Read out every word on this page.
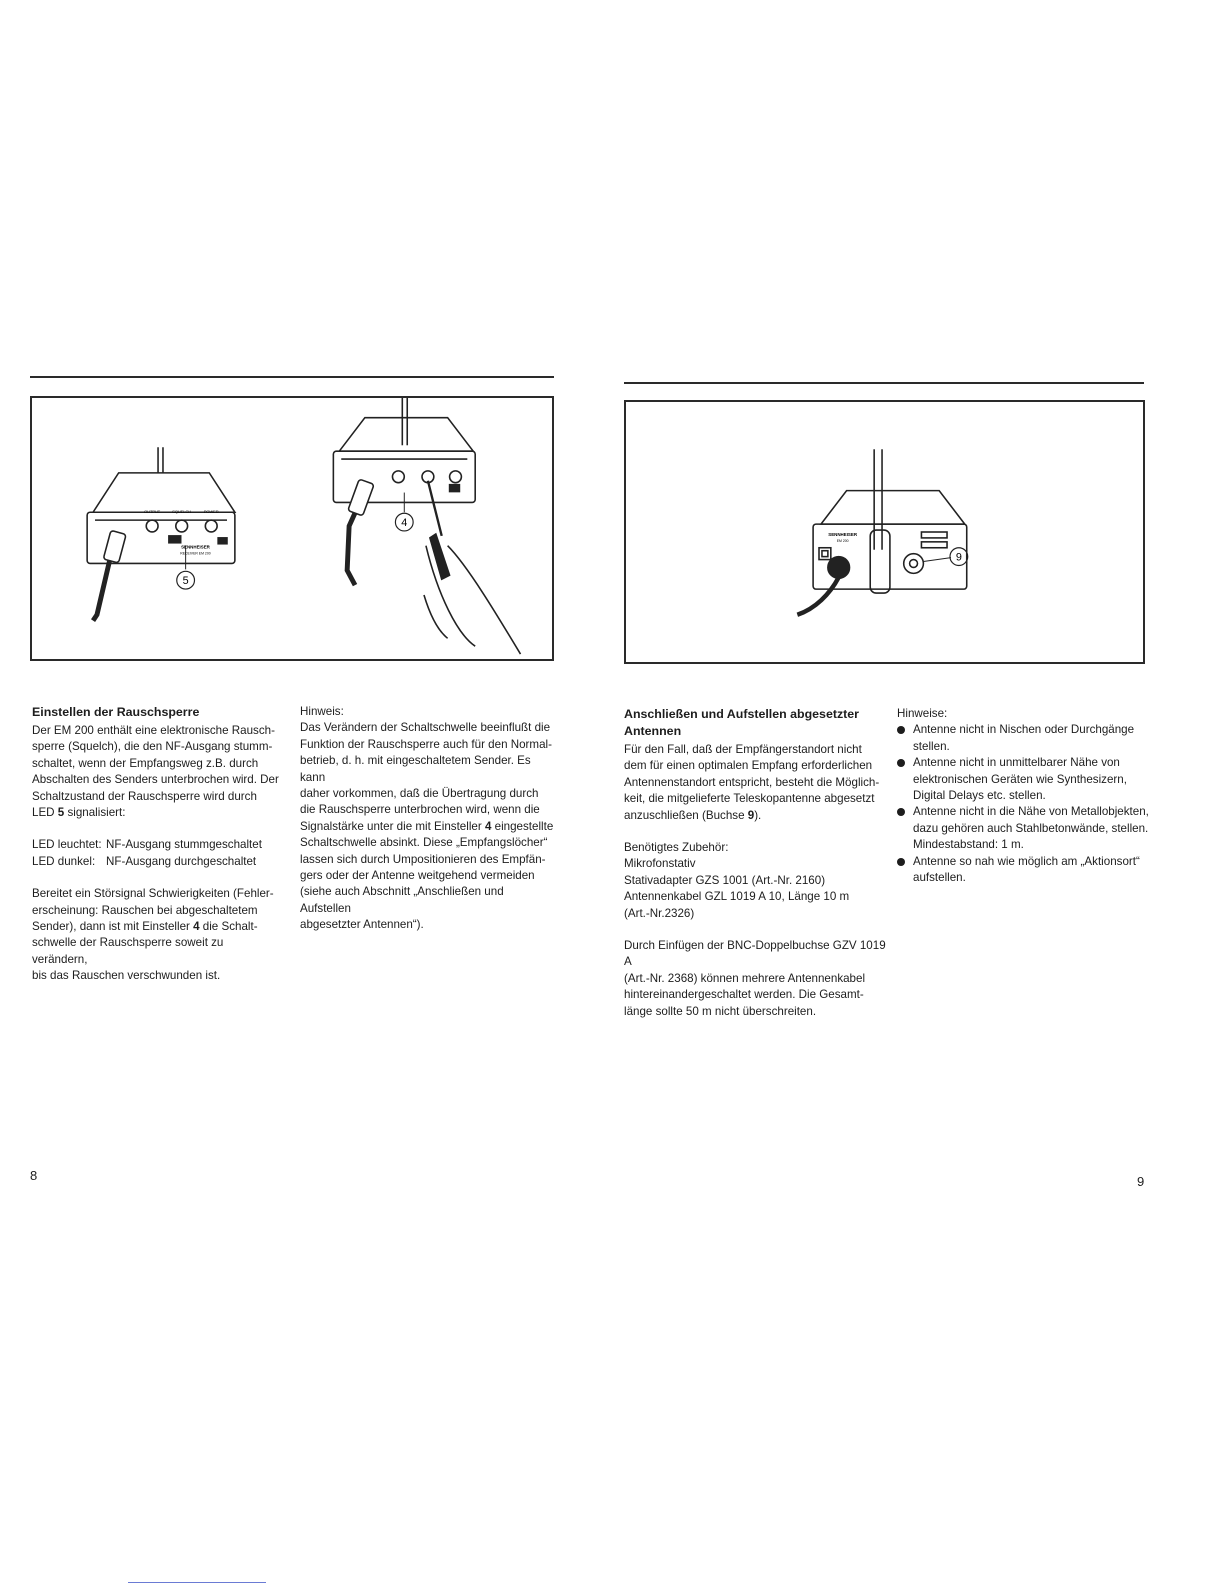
5
OUTPUT	SQUELCH	POWER
SENNHEISER
RECEIVER EM 200
4

Einstellen der Rauschsperre

Der EM 200 enthält eine elektronische Rausch-
sperre (Squelch), die den NF-Ausgang stumm-
schaltet, wenn der Empfangsweg z.B. durch
Abschalten des Senders unterbrochen wird. Der
Schaltzustand der Rauschsperre wird durch

LED 5 signalisiert:

LED leuchtet: NF-Ausgang stummgeschaltet
LED dunkel: NF-Ausgang durchgeschaltet

Bereitet ein Störsignal Schwierigkeiten (Fehler-
erscheinung: Rauschen bei abgeschaltetem
Sender), dann ist mit Einsteller 4 die Schalt-
schwelle der Rauschsperre soweit zu verändern,
bis das Rauschen verschwunden ist.

Hinweis:

Das Verändern der Schaltschwelle beeinflußt die
Funktion der Rauschsperre auch für den Normal-
betrieb, d. h. mit eingeschaltetem Sender. Es kann
daher vorkommen, daß die Übertragung durch
die Rauschsperre unterbrochen wird, wenn die
Signalstärke unter die mit Einsteller 4 eingestellte
Schaltschwelle absinkt. Diese „Empfangslöcher“
lassen sich durch Umpositionieren des Empfän-
gers oder der Antenne weitgehend vermeiden
(siehe auch Abschnitt „Anschließen und Aufstellen
abgesetzter Antennen“).

8
9
SENNHEISER
EM 200

Anschließen und Aufstellen abgesetzter
Antennen

Für den Fall, daß der Empfängerstandort nicht
dem für einen optimalen Empfang erforderlichen
Antennenstandort entspricht, besteht die Möglich-
keit, die mitgelieferte Teleskopantenne abgesetzt
anzuschließen (Buchse 9).

Benötigtes Zubehör:
Mikrofonstativ
Stativadapter GZS 1001 (Art.-Nr. 2160)
Antennenkabel GZL 1019 A 10, Länge 10 m
(Art.-Nr.2326)

Durch Einfügen der BNC-Doppelbuchse GZV 1019 A
(Art.-Nr. 2368) können mehrere Antennenkabel
hintereinandergeschaltet werden. Die Gesamt-
länge sollte 50 m nicht überschreiten.

Hinweise:

Antenne nicht in Nischen oder Durchgänge
stellen.
Antenne nicht in unmittelbarer Nähe von
elektronischen Geräten wie Synthesizern,
Digital Delays etc. stellen.
Antenne nicht in die Nähe von Metallobjekten,
dazu gehören auch Stahlbetonwände, stellen.
Mindestabstand: 1 m.
Antenne so nah wie möglich am „Aktionsort“
aufstellen.
9
